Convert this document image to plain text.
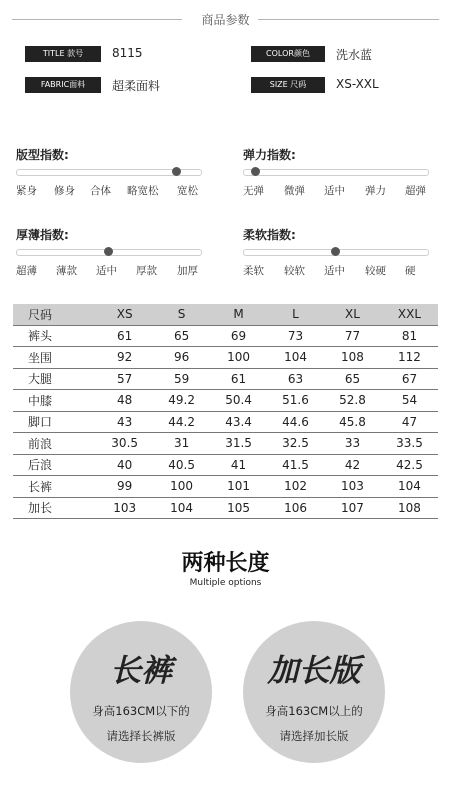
商品参数
TITLE 款号	8115	COLOR颜色	洗水蓝
FABRIC面料	超柔面料	SIZE 尺码	XS-XXL
版型指数:
紧身 修身 合体 略宽松 宽松
弹力指数:
无弹 微弹 适中 弹力 超弹
厚薄指数:
超薄 薄款 适中 厚款 加厚
柔软指数:
柔软 较软 适中 较硬 硬
尺码	XS	S	M	L	XL	XXL
裤头	61	65	69	73	77	81
坐围	92	96	100	104	108	112
大腿	57	59	61	63	65	67
中膝	48	49.2	50.4	51.6	52.8	54
脚口	43	44.2	43.4	44.6	45.8	47
前浪	30.5	31	31.5	32.5	33	33.5
后浪	40	40.5	41	41.5	42	42.5
长裤	99	100	101	102	103	104
加长	103	104	105	106	107	108
两种长度
Multiple options
长裤
身高163CM以下的
请选择长裤版
加长版
身高163CM以上的
请选择加长版
